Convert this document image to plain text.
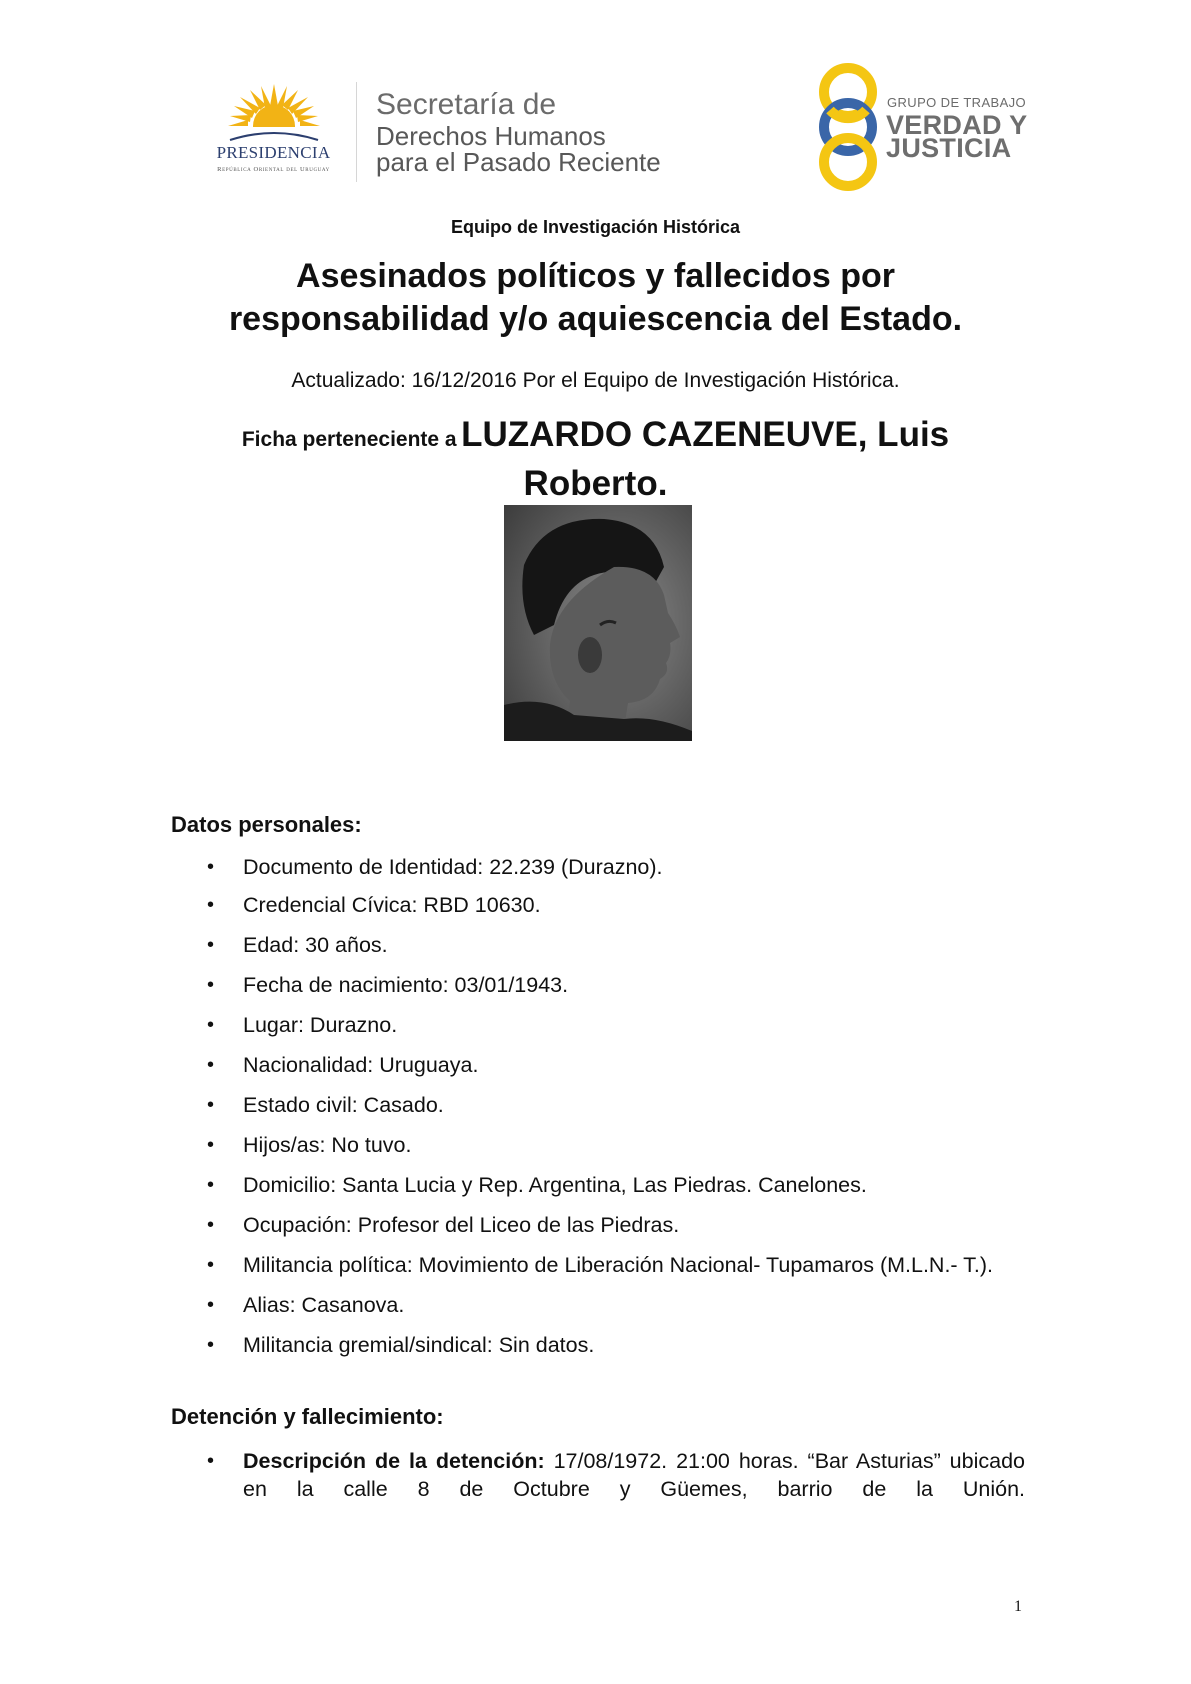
PRESIDENCIA
República Oriental del Uruguay
Secretaría de
Derechos Humanos
para el Pasado Reciente
GRUPO DE TRABAJO
VERDAD Y
JUSTICIA
Equipo de Investigación Histórica
Asesinados políticos y fallecidos por
responsabilidad y/o aquiescencia del Estado.
Actualizado: 16/12/2016 Por el Equipo de Investigación Histórica.
Ficha perteneciente a LUZARDO CAZENEUVE, Luis
Roberto.
Datos personales:
• Documento de Identidad: 22.239 (Durazno).
• Credencial Cívica: RBD 10630.
• Edad: 30 años.
• Fecha de nacimiento: 03/01/1943.
• Lugar: Durazno.
• Nacionalidad: Uruguaya.
• Estado civil: Casado.
• Hijos/as: No tuvo.
• Domicilio: Santa Lucia y Rep. Argentina, Las Piedras. Canelones.
• Ocupación: Profesor del Liceo de las Piedras.
• Militancia política: Movimiento de Liberación Nacional- Tupamaros (M.L.N.- T.).
• Alias: Casanova.
• Militancia gremial/sindical: Sin datos.
Detención y fallecimiento:
• Descripción de la detención: 17/08/1972. 21:00 horas. “Bar Asturias” ubicado en la calle 8 de Octubre y Güemes, barrio de la Unión.
1
